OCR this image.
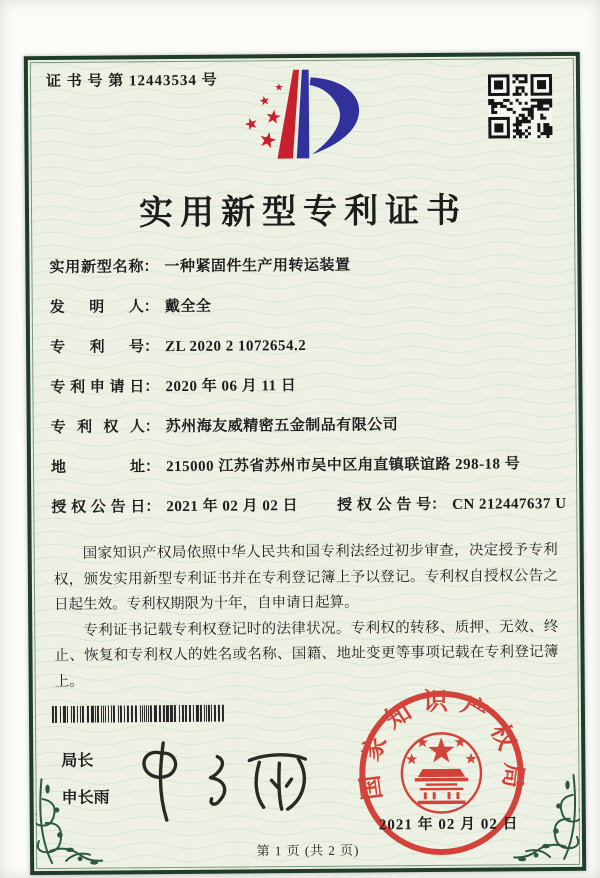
证 书 号 第 12443534 号
实用新型专利证书
实用新型名称： 一种紧固件生产用转运装置
发明人： 戴全全
专利号： ZL 2020 2 1072654.2
专利申请日： 2020 年 06 月 11 日
专利权人： 苏州海友威精密五金制品有限公司
地址： 215000 江苏省苏州市吴中区甪直镇联谊路 298-18 号
授权公告日： 2021 年 02 月 02 日	授权公告号： CN 212447637 U

国家知识产权局依照中华人民共和国专利法经过初步审查，决定授予专利权，颁发实用新型专利证书并在专利登记簿上予以登记。专利权自授权公告之日起生效。专利权期限为十年，自申请日起算。

专利证书记载专利权登记时的法律状况。专利权的转移、质押、无效、终止、恢复和专利权人的姓名或名称、国籍、地址变更等事项记载在专利登记簿上。

局长
申长雨	国家知识产权局
2021 年 02 月 02 日
第 1 页 (共 2 页)
